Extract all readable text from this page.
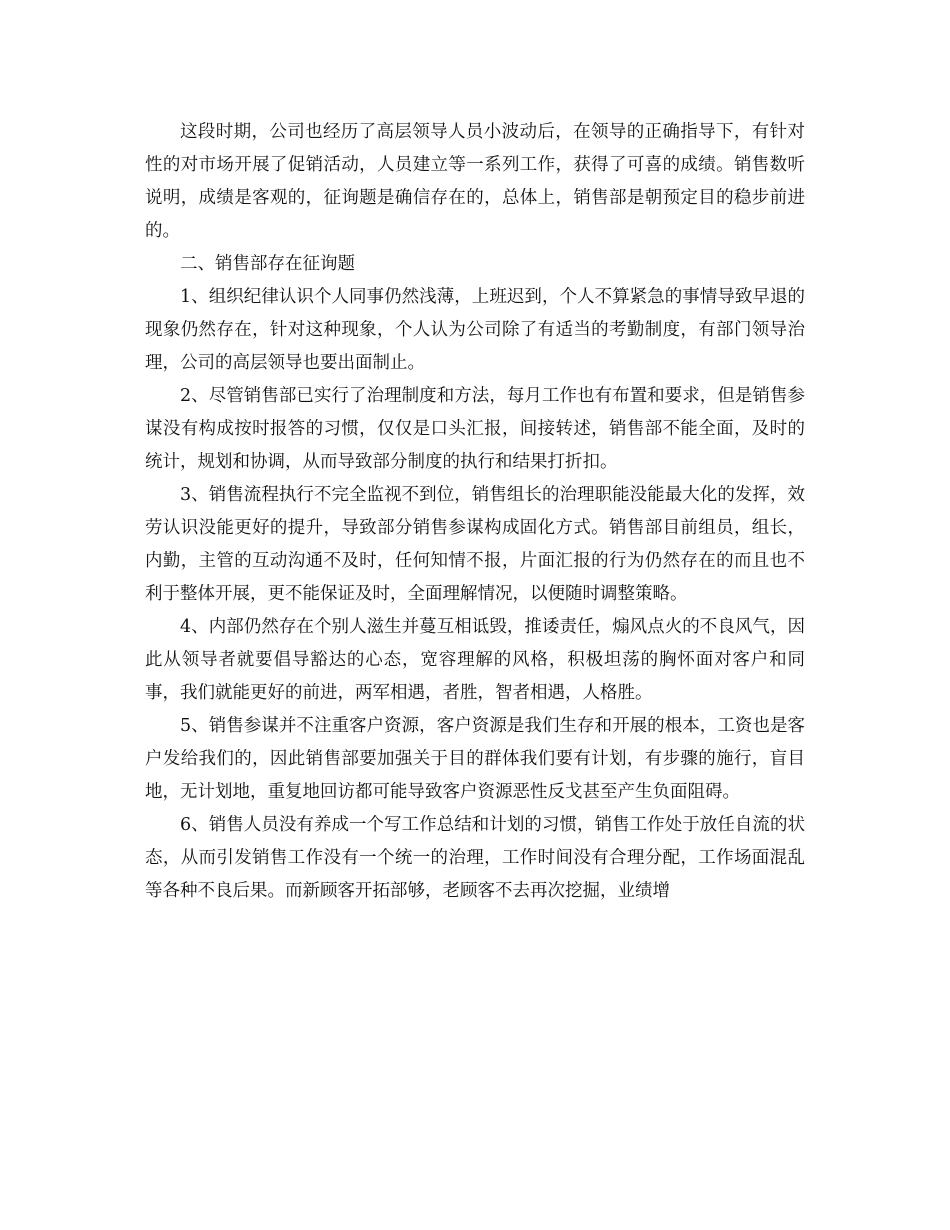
这段时期，公司也经历了高层领导人员小波动后，在领导的正确指导下，有针对性的对市场开展了促销活动，人员建立等一系列工作，获得了可喜的成绩。销售数听说明，成绩是客观的，征询题是确信存在的，总体上，销售部是朝预定目的稳步前进的。

二、销售部存在征询题

1、组织纪律认识个人同事仍然浅薄，上班迟到，个人不算紧急的事情导致早退的现象仍然存在，针对这种现象，个人认为公司除了有适当的考勤制度，有部门领导治理，公司的高层领导也要出面制止。

2、尽管销售部已实行了治理制度和方法，每月工作也有布置和要求，但是销售参谋没有构成按时报答的习惯，仅仅是口头汇报，间接转述，销售部不能全面，及时的统计，规划和协调，从而导致部分制度的执行和结果打折扣。

3、销售流程执行不完全监视不到位，销售组长的治理职能没能最大化的发挥，效劳认识没能更好的提升，导致部分销售参谋构成固化方式。销售部目前组员，组长，内勤，主管的互动沟通不及时，任何知情不报，片面汇报的行为仍然存在的而且也不利于整体开展，更不能保证及时，全面理解情况，以便随时调整策略。

4、内部仍然存在个别人滋生并蔓互相诋毁，推诿责任，煽风点火的不良风气，因此从领导者就要倡导豁达的心态，宽容理解的风格，积极坦荡的胸怀面对客户和同事，我们就能更好的前进，两军相遇，者胜，智者相遇，人格胜。

5、销售参谋并不注重客户资源，客户资源是我们生存和开展的根本，工资也是客户发给我们的，因此销售部要加强关于目的群体我们要有计划，有步骤的施行，盲目地，无计划地，重复地回访都可能导致客户资源恶性反戈甚至产生负面阻碍。

6、销售人员没有养成一个写工作总结和计划的习惯，销售工作处于放任自流的状态，从而引发销售工作没有一个统一的治理，工作时间没有合理分配，工作场面混乱等各种不良后果。而新顾客开拓部够，老顾客不去再次挖掘，业绩增
